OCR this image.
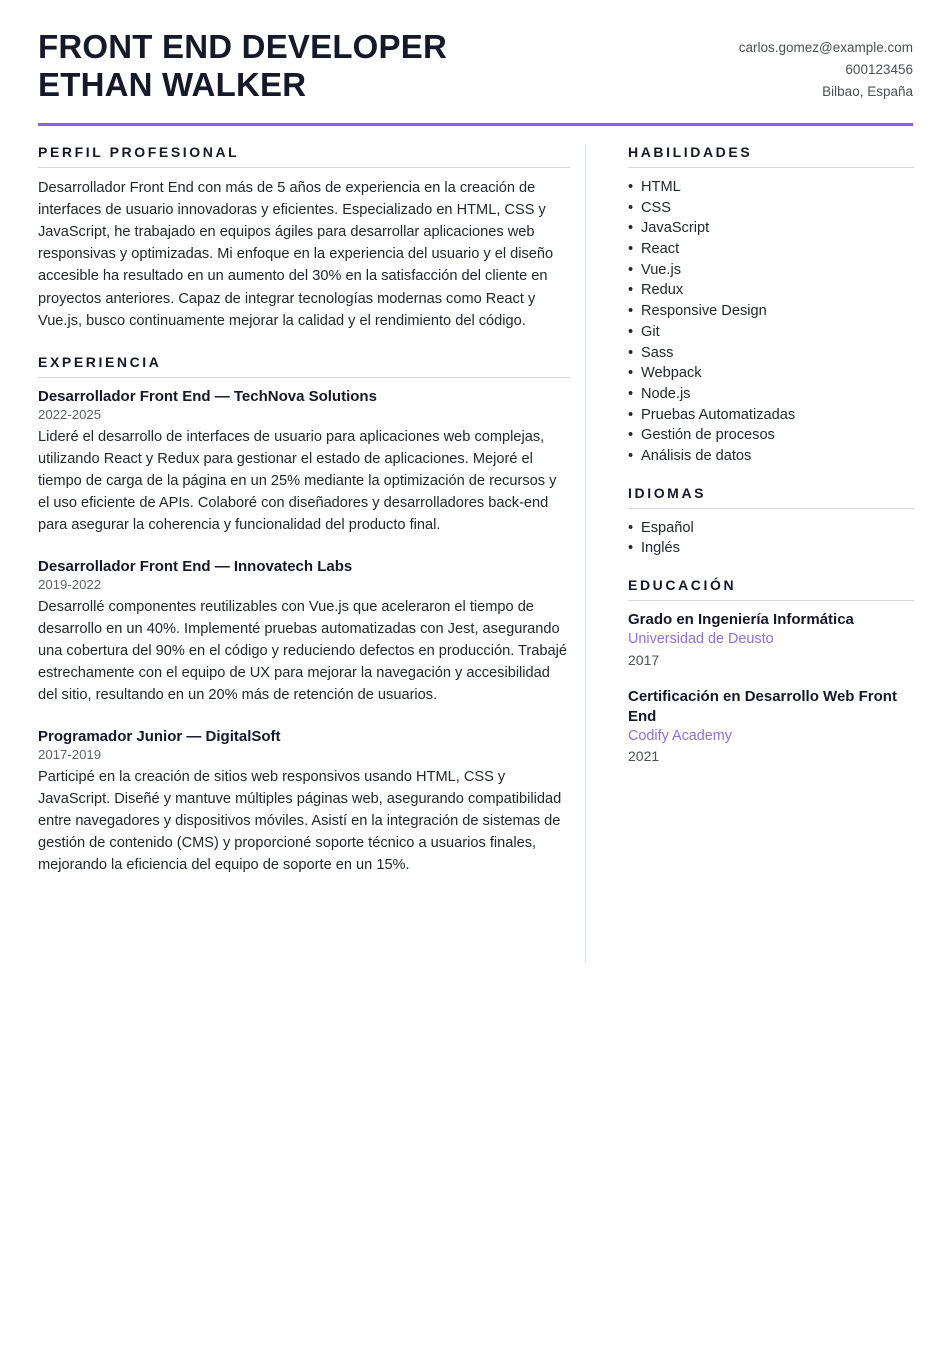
FRONT END DEVELOPER
ETHAN WALKER
carlos.gomez@example.com
600123456
Bilbao, España
PERFIL PROFESIONAL

Desarrollador Front End con más de 5 años de experiencia en la creación de interfaces de usuario innovadoras y eficientes. Especializado en HTML, CSS y JavaScript, he trabajado en equipos ágiles para desarrollar aplicaciones web responsivas y optimizadas. Mi enfoque en la experiencia del usuario y el diseño accesible ha resultado en un aumento del 30% en la satisfacción del cliente en proyectos anteriores. Capaz de integrar tecnologías modernas como React y Vue.js, busco continuamente mejorar la calidad y el rendimiento del código.

EXPERIENCIA
Desarrollador Front End — TechNova Solutions
2022-2025

Lideré el desarrollo de interfaces de usuario para aplicaciones web complejas, utilizando React y Redux para gestionar el estado de aplicaciones. Mejoré el tiempo de carga de la página en un 25% mediante la optimización de recursos y el uso eficiente de APIs. Colaboré con diseñadores y desarrolladores back-end para asegurar la coherencia y funcionalidad del producto final.

Desarrollador Front End — Innovatech Labs
2019-2022

Desarrollé componentes reutilizables con Vue.js que aceleraron el tiempo de desarrollo en un 40%. Implementé pruebas automatizadas con Jest, asegurando una cobertura del 90% en el código y reduciendo defectos en producción. Trabajé estrechamente con el equipo de UX para mejorar la navegación y accesibilidad del sitio, resultando en un 20% más de retención de usuarios.

Programador Junior — DigitalSoft
2017-2019

Participé en la creación de sitios web responsivos usando HTML, CSS y JavaScript. Diseñé y mantuve múltiples páginas web, asegurando compatibilidad entre navegadores y dispositivos móviles. Asistí en la integración de sistemas de gestión de contenido (CMS) y proporcioné soporte técnico a usuarios finales, mejorando la eficiencia del equipo de soporte en un 15%.

HABILIDADES
• HTML
• CSS
• JavaScript
• React
• Vue.js
• Redux
• Responsive Design
• Git
• Sass
• Webpack
• Node.js
• Pruebas Automatizadas
• Gestión de procesos
• Análisis de datos
IDIOMAS
• Español
• Inglés
EDUCACIÓN
Grado en Ingeniería Informática
Universidad de Deusto
2017
Certificación en Desarrollo Web Front End
Codify Academy
2021
